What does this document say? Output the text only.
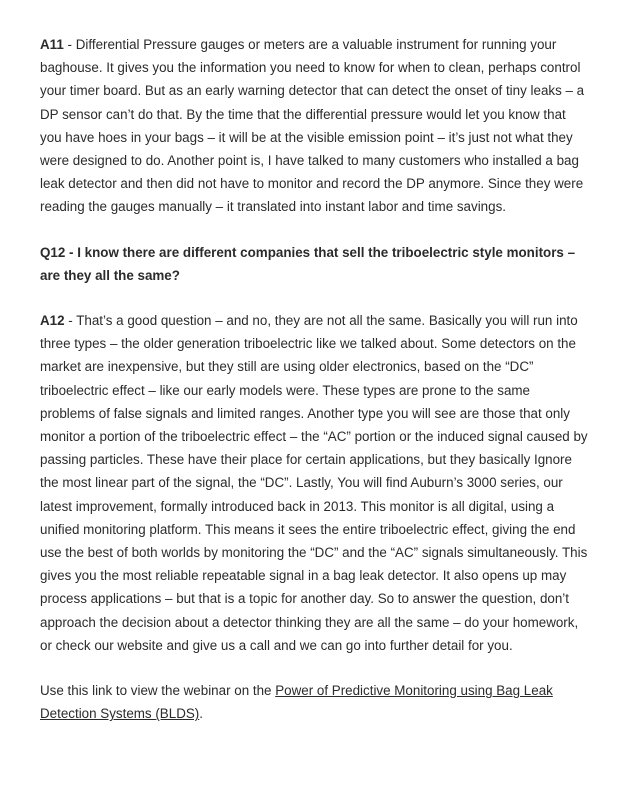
A11 - Differential Pressure gauges or meters are a valuable instrument for running your baghouse. It gives you the information you need to know for when to clean, perhaps control your timer board. But as an early warning detector that can detect the onset of tiny leaks – a DP sensor can’t do that. By the time that the differential pressure would let you know that you have hoes in your bags – it will be at the visible emission point – it’s just not what they were designed to do. Another point is, I have talked to many customers who installed a bag leak detector and then did not have to monitor and record the DP anymore. Since they were reading the gauges manually – it translated into instant labor and time savings.

Q12 - I know there are different companies that sell the triboelectric style monitors – are they all the same?

A12 - That’s a good question – and no, they are not all the same. Basically you will run into three types – the older generation triboelectric like we talked about. Some detectors on the market are inexpensive, but they still are using older electronics, based on the “DC” triboelectric effect – like our early models were. These types are prone to the same problems of false signals and limited ranges. Another type you will see are those that only monitor a portion of the triboelectric effect – the “AC” portion or the induced signal caused by passing particles. These have their place for certain applications, but they basically Ignore the most linear part of the signal, the “DC”. Lastly, You will find Auburn’s 3000 series, our latest improvement, formally introduced back in 2013. This monitor is all digital, using a unified monitoring platform. This means it sees the entire triboelectric effect, giving the end use the best of both worlds by monitoring the “DC” and the “AC” signals simultaneously. This gives you the most reliable repeatable signal in a bag leak detector. It also opens up may process applications – but that is a topic for another day. So to answer the question, don’t approach the decision about a detector thinking they are all the same – do your homework, or check our website and give us a call and we can go into further detail for you.

Use this link to view the webinar on the Power of Predictive Monitoring using Bag Leak Detection Systems (BLDS).
